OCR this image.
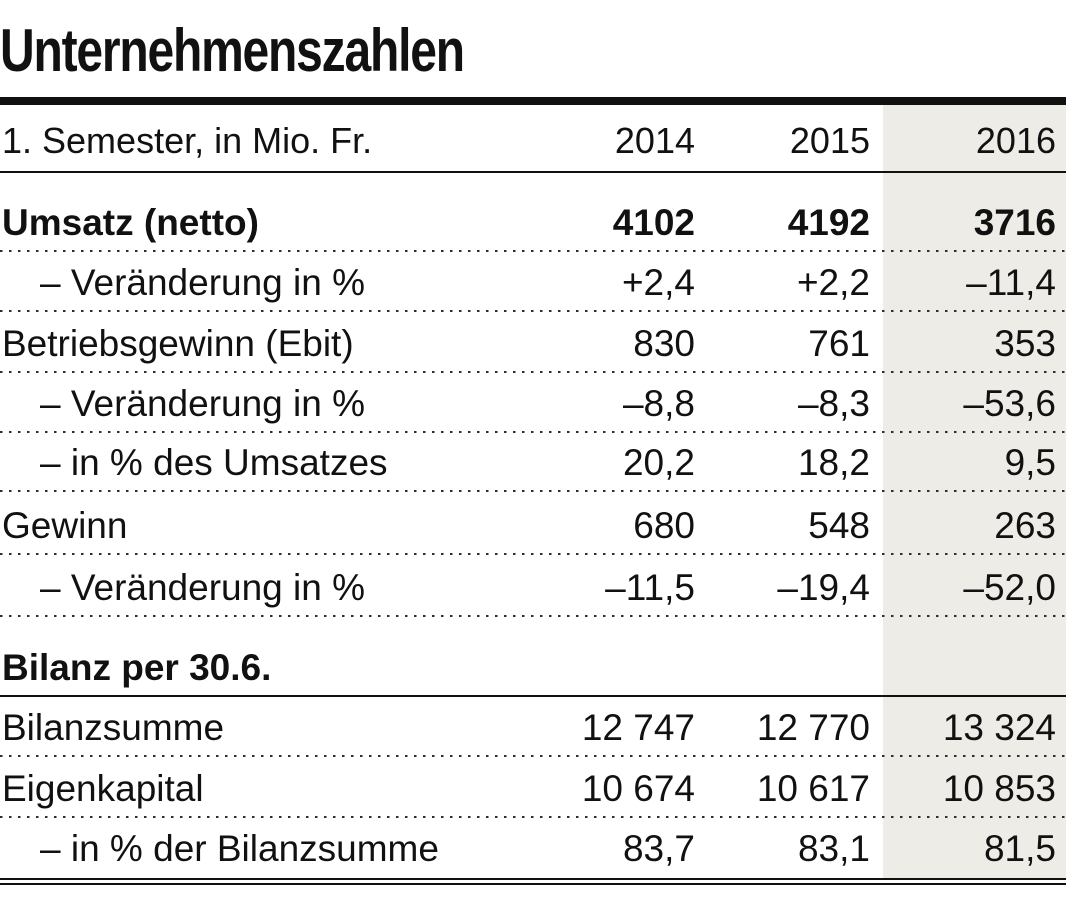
Unternehmenszahlen
1. Semester, in Mio. Fr.	2014	2015	2016
Umsatz (netto)	4102	4192	3716
– Veränderung in %	+2,4	+2,2	–11,4
Betriebsgewinn (Ebit)	830	761	353
– Veränderung in %	–8,8	–8,3	–53,6
– in % des Umsatzes	20,2	18,2	9,5
Gewinn	680	548	263
– Veränderung in %	–11,5	–19,4	–52,0
Bilanz per 30.6.
Bilanzsumme	12 747	12 770	13 324
Eigenkapital	10 674	10 617	10 853
– in % der Bilanzsumme	83,7	83,1	81,5
